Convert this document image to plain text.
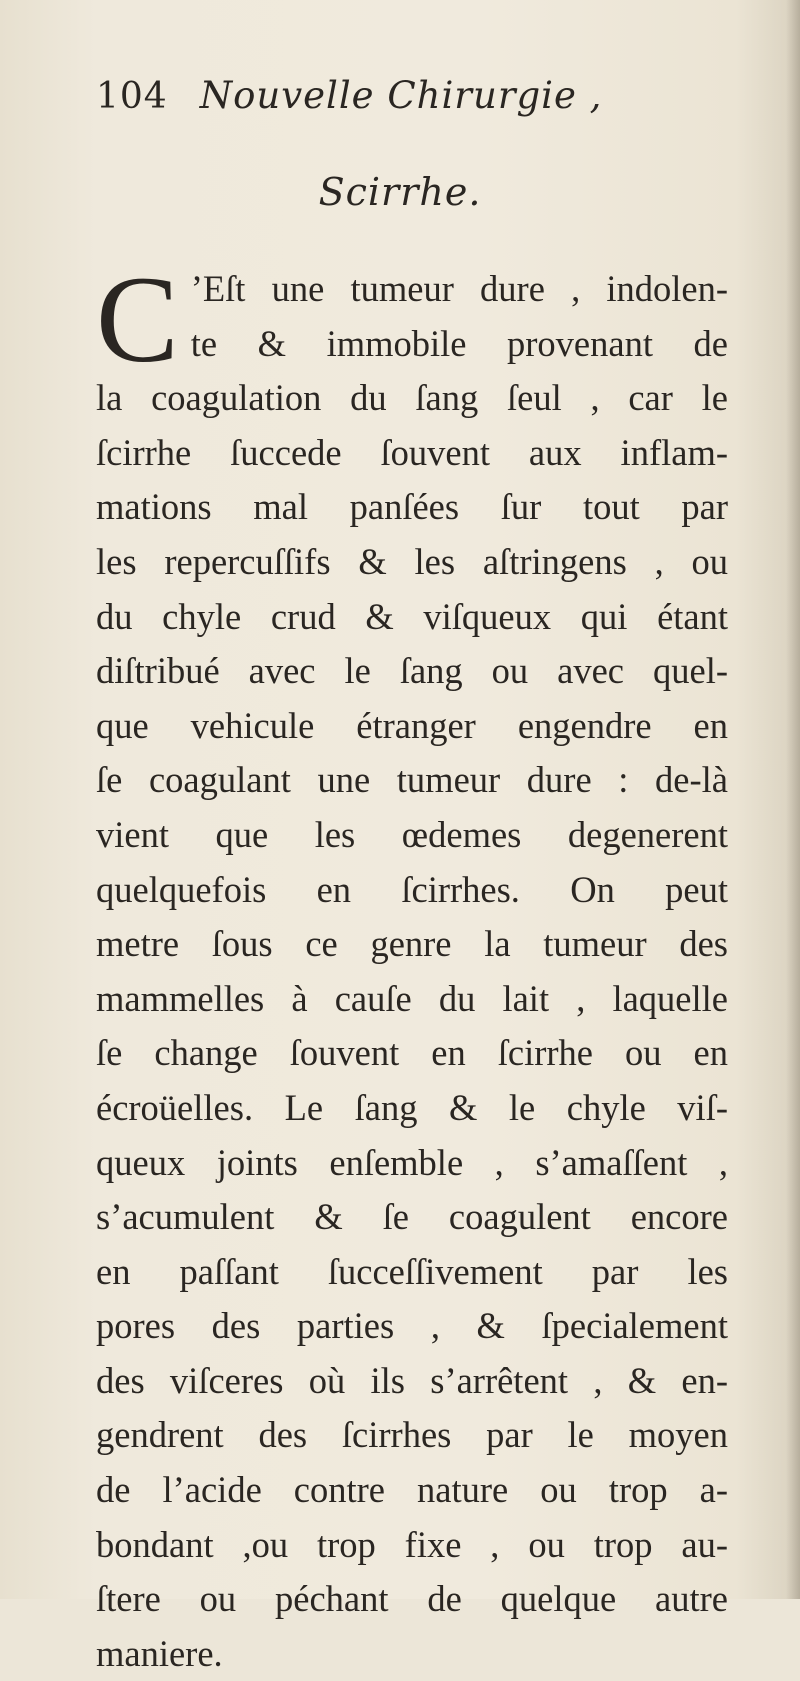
104 Nouvelle Chirurgie ,
Scirrhe.
C ’Eſt une tumeur dure , indolen-
te & immobile provenant de
la coagulation du ſang ſeul , car le
ſcirrhe ſuccede ſouvent aux inflam-
mations mal panſées ſur tout par
les repercuſſifs & les aſtringens , ou
du chyle crud & viſqueux qui étant
diſtribué avec le ſang ou avec quel-
que vehicule étranger engendre en
ſe coagulant une tumeur dure : de-là
vient que les œdemes degenerent
quelquefois en ſcirrhes. On peut
metre ſous ce genre la tumeur des
mammelles à cauſe du lait , laquelle
ſe change ſouvent en ſcirrhe ou en
écroüelles. Le ſang & le chyle viſ-
queux joints enſemble , s’amaſſent ,
s’acumulent & ſe coagulent encore
en paſſant ſucceſſivement par les
pores des parties , & ſpecialement
des viſceres où ils s’arrêtent , & en-
gendrent des ſcirrhes par le moyen
de l’acide contre nature ou trop a-
bondant ,ou trop fixe , ou trop au-
ſtere ou péchant de quelque autre
maniere.
